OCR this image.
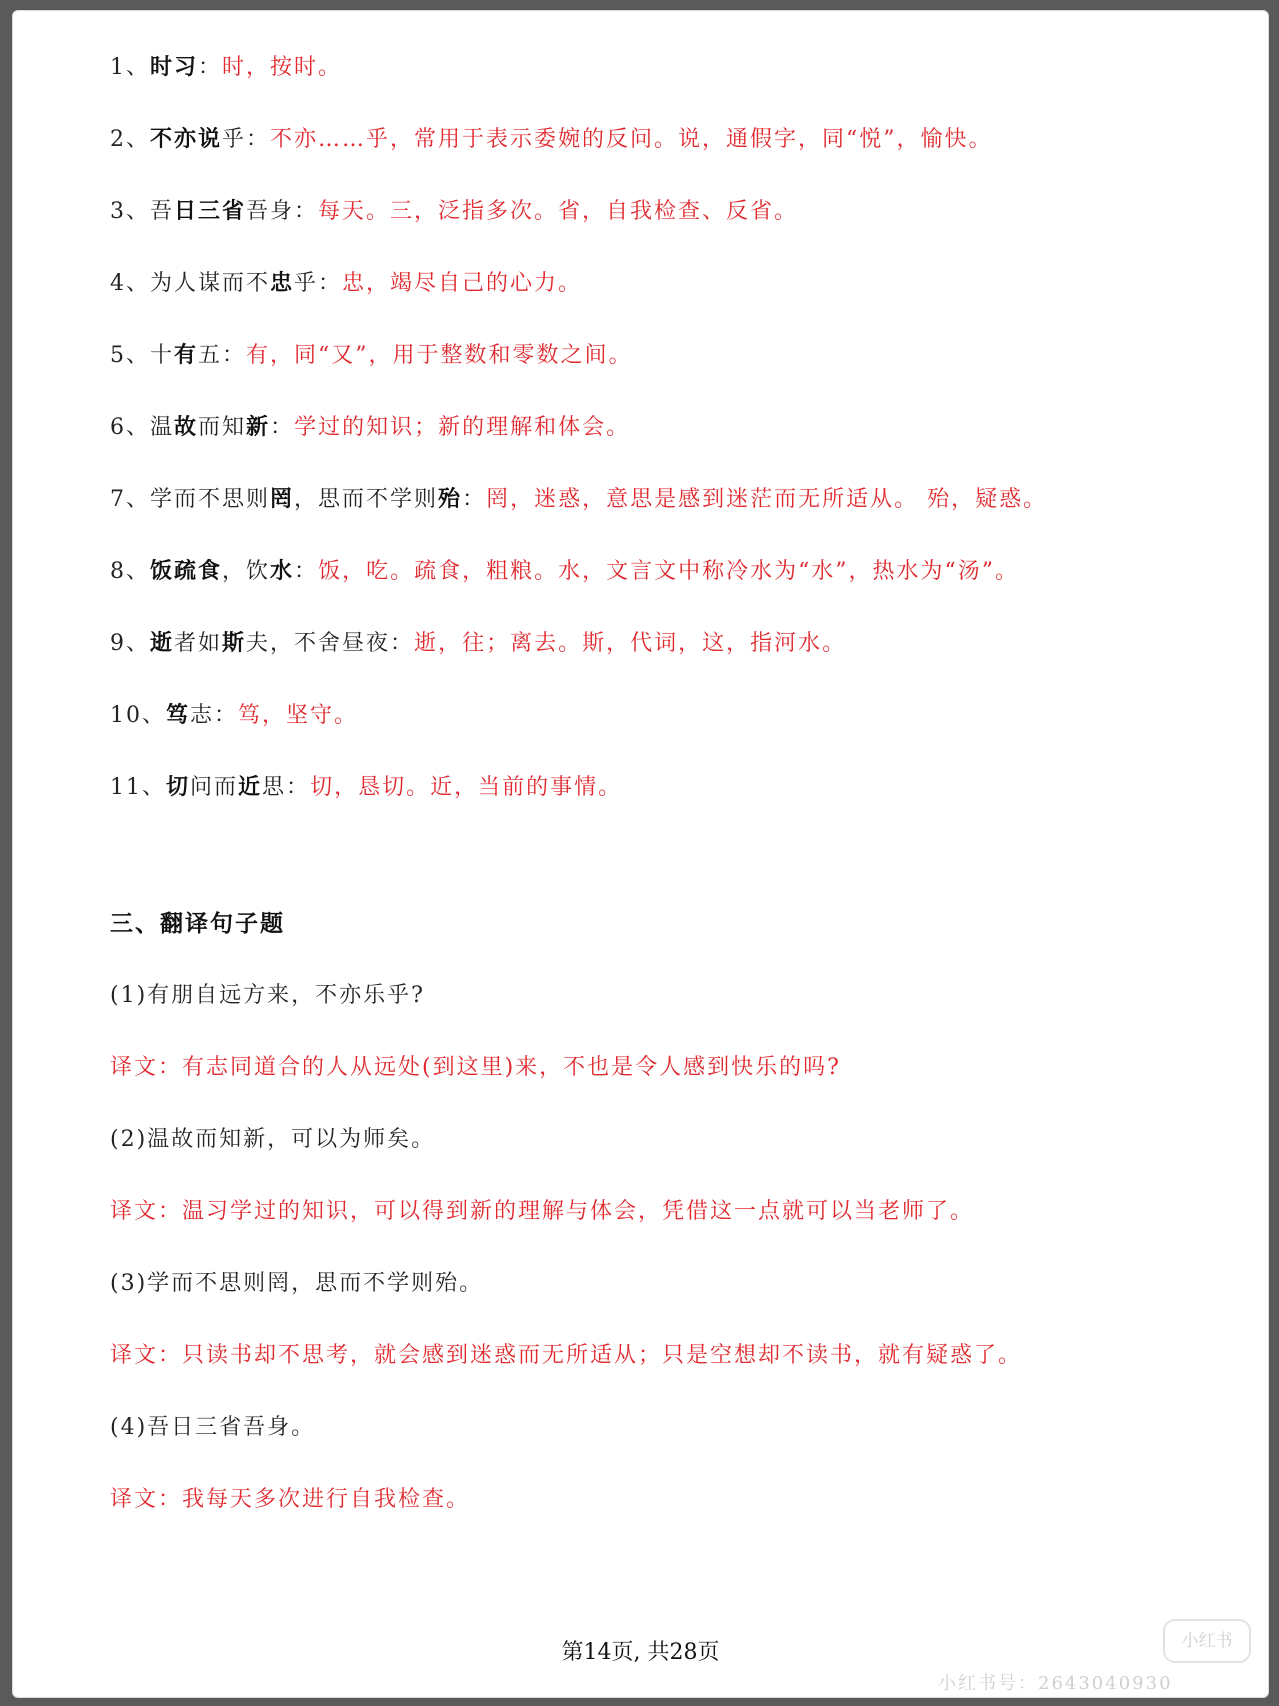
1、时习：时，按时。
2、不亦说乎：不亦……乎，常用于表示委婉的反问。说，通假字，同“悦”，愉快。
3、吾日三省吾身：每天。三，泛指多次。省，自我检查、反省。
4、为人谋而不忠乎：忠，竭尽自己的心力。
5、十有五：有，同“又”，用于整数和零数之间。
6、温故而知新：学过的知识；新的理解和体会。
7、学而不思则罔，思而不学则殆：罔，迷惑，意思是感到迷茫而无所适从。 殆，疑惑。
8、饭疏食，饮水：饭，吃。疏食，粗粮。水，文言文中称冷水为“水”，热水为“汤”。
9、逝者如斯夫，不舍昼夜：逝，往；离去。斯，代词，这，指河水。
10、笃志：笃，坚守。
11、切问而近思：切，恳切。近，当前的事情。
三、翻译句子题
(1)有朋自远方来，不亦乐乎?
译文：有志同道合的人从远处(到这里)来，不也是令人感到快乐的吗?
(2)温故而知新，可以为师矣。
译文：温习学过的知识，可以得到新的理解与体会，凭借这一点就可以当老师了。
(3)学而不思则罔，思而不学则殆。
译文：只读书却不思考，就会感到迷惑而无所适从；只是空想却不读书，就有疑惑了。
(4)吾日三省吾身。
译文：我每天多次进行自我检查。
第14页, 共28页	小红书
小红书号：2643040930
